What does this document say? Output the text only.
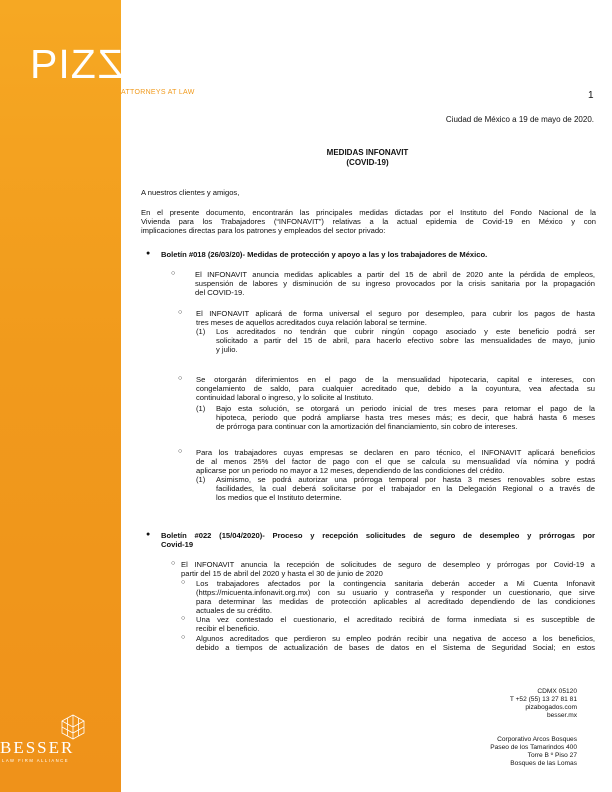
PIZPIZ
ATTORNEYS AT LAW
BESSER
LAW FIRM ALLIANCE
1
Ciudad de México a 19 de mayo de 2020.
MEDIDAS INFONAVIT
(COVID-19)
A nuestros clientes y amigos,
En el presente documento, encontrarán las principales medidas dictadas por el Instituto del Fondo Nacional de la
Vivienda para los Trabajadores (“INFONAVIT”) relativas a la actual epidemia de Covid-19 en México y con
implicaciones directas para los patrones y empleados del sector privado:
● Boletín #018 (26/03/20)- Medidas de protección y apoyo a las y los trabajadores de México.
○	El INFONAVIT anuncia medidas aplicables a partir del 15 de abril de 2020 ante la pérdida de empleos,
suspensión de labores y disminución de su ingreso provocados por la crisis sanitaria por la propagación
del COVID-19.
○ El INFONAVIT aplicará de forma universal el seguro por desempleo, para cubrir los pagos de hasta
tres meses de aquellos acreditados cuya relación laboral se termine.
(1) Los acreditados no tendrán que cubrir ningún copago asociado y este beneficio podrá ser
solicitado a partir del 15 de abril, para hacerlo efectivo sobre las mensualidades de mayo, junio
y julio.
○ Se otorgarán diferimientos en el pago de la mensualidad hipotecaria, capital e intereses, con
congelamiento de saldo, para cualquier acreditado que, debido a la coyuntura, vea afectada su
continuidad laboral o ingreso, y lo solicite al Instituto.
(1) Bajo esta solución, se otorgará un periodo inicial de tres meses para retomar el pago de la
hipoteca, periodo que podrá ampliarse hasta tres meses más; es decir, que habrá hasta 6 meses
de prórroga para continuar con la amortización del financiamiento, sin cobro de intereses.
○ Para los trabajadores cuyas empresas se declaren en paro técnico, el INFONAVIT aplicará beneficios
de al menos 25% del factor de pago con el que se calcula su mensualidad vía nómina y podrá
aplicarse por un periodo no mayor a 12 meses, dependiendo de las condiciones del crédito.
(1) Asimismo, se podrá autorizar una prórroga temporal por hasta 3 meses renovables sobre estas
facilidades, la cual deberá solicitarse por el trabajador en la Delegación Regional o a través de
los medios que el Instituto determine.
● Boletín #022 (15/04/2020)- Proceso y recepción solicitudes de seguro de desempleo y prórrogas por
Covid-19
○ El INFONAVIT anuncia la recepción de solicitudes de seguro de desempleo y prórrogas por Covid-19 a
partir del 15 de abril del 2020 y hasta el 30 de junio de 2020
○ Los trabajadores afectados por la contingencia sanitaria deberán acceder a Mi Cuenta Infonavit
(https://micuenta.infonavit.org.mx) con su usuario y contraseña y responder un cuestionario, que sirve
para determinar las medidas de protección aplicables al acreditado dependiendo de las condiciones
actuales de su crédito.
○ Una vez contestado el cuestionario, el acreditado recibirá de forma inmediata si es susceptible de
recibir el beneficio.
○ Algunos acreditados que perdieron su empleo podrán recibir una negativa de acceso a los beneficios,
debido a tiempos de actualización de bases de datos en el Sistema de Seguridad Social; en estos
CDMX 05120
T +52 (55) 13 27 81 81
pizabogados.com
besser.mx
Corporativo Arcos Bosques
Paseo de los Tamarindos 400
Torre B º Piso 27
Bosques de las Lomas
